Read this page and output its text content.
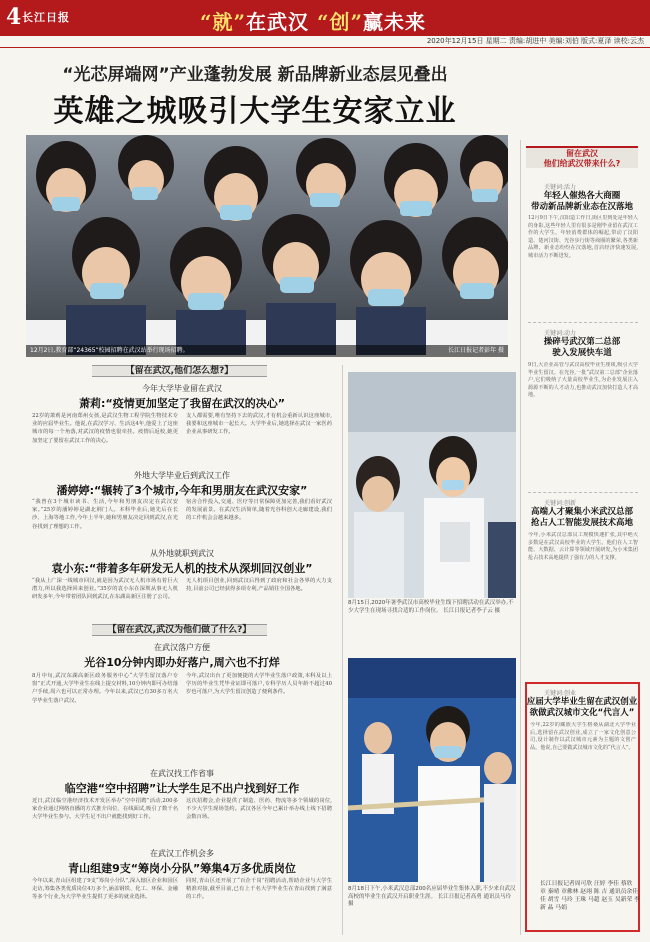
4 长江日报	“就”在武汉 “创”赢未来
2020年12月15日 星期二 责编:胡进中 美编:刘伯 版式:夏泽 读校:云杰
“光芯屏端网”产业蓬勃发展 新品牌新业态层见叠出
英雄之城吸引大学生安家立业
12月2日,教育部“24365”校园招聘在武汉站举行现场招聘。	长江日报记者彭年 摄
【留在武汉,他们怎么想?】
今年大学毕业留在武汉
萧莉:“疫情更加坚定了我留在武汉的决心”
22岁的萧莉是河南郑州女孩,是武汉生物工程学院生物技术专业的应届毕业生。他说,在武汉学习、生活这4年,他爱上了这座城市的每一个角落,对武汉的疫情也很牵挂。疫情后返校,她更加坚定了要留在武汉工作的决心。
支人都需要,唯有坚持下去的武汉,才有机会重新认识这座城市,我要和这座城市一起长大。大学毕业后,她选择在武汉一家医药企业从事研发工作。
外地大学毕业后到武汉工作
潘婷婷:“辗转了3个城市,今年和男朋友在武汉安家”
“我曾在3个城市读书、生活,今年和男朋友决定在武汉安家。”25岁的潘婷婷是湖北荆门人。本科毕业后,她先后在长沙、上海等地工作,今年上半年,她和男朋友决定回到武汉,在光谷找到了理想的工作。
宿舍合作投入,交通、医疗等日常保障更加完善,我们看好武汉的发展前景。在武汉生活简单,随着光谷科创大走廊建设,我们的工作机会会越来越多。
从外地就职到武汉
袁小东:“带着多年研发无人机的技术从深圳回汉创业”
“我从上广深一线城市回汉,就是因为武汉无人机市场有着巨大潜力,所以我选择回来创业。”35岁的袁小东在深圳从事无人机研发多年,今年带着团队回到武汉,在东湖高新区注册了公司。
无人机项目创业,回到武汉后得到了政府和社会各界的大力支持,目前公司已经获得多项专利,产品销往全国各地。
【留在武汉,武汉为他们做了什么?】
在武汉落户方便
光谷10分钟内即办好落户,周六也不打烊
8月中旬,武汉东湖高新区政务服务中心“大学生留汉落户专窗”正式开通,大学毕业生在线上提交材料,10分钟内即可办结落户手续,周六也可以正常办理。今年以来,武汉已有30多万名大学毕业生落户武汉。
今年,武汉出台了更加便捷的大学毕业生落户政策,本科及以上学历的毕业生凭毕业证即可落户,专科学历人员年龄不超过40岁也可落户,为大学生留汉创造了便利条件。
在武汉找工作省事
临空港“空中招聘”让大学生足不出户找到好工作
近日,武汉临空港经济技术开发区举办“空中招聘”活动,200多家企业通过网络直播的方式推介岗位、在线面试,吸引了数千名大学毕业生参与。大学生足不出户就能找到好工作。
这次招聘会,企业提供了制造、医药、物流等多个领域的岗位,不少大学生现场签约。武汉各区今年已累计举办线上线下招聘会数百场。
在武汉工作机会多
青山组建9支“筹岗小分队”筹集4万多优质岗位
今年以来,青山区组建了9支“筹岗小分队”,深入辖区企业和园区走访,筹集各类优质岗位4万多个,涵盖钢铁、化工、环保、金融等多个行业,为大学毕业生提供了更多的就业选择。
同时,青山区还开展了“百企千岗”招聘活动,帮助企业与大学生精准对接,截至目前,已有上千名大学毕业生在青山找到了满意的工作。
8月15日,2020年暑季武汉市高校毕业生线下招聘活动在武汉举办,不少大学生在现场寻找合适的工作岗位。 长江日报记者李子云 摄
8月18日下午,小米武汉总部200名应届毕业生集体入职,不少来自武汉高校的毕业生在武汉开启职业生涯。 长江日报记者高勇 通讯员马玲 摄
留在武汉
他们给武汉带来什么?
关键词:活力
年轻人催热各大商圈
带动新品牌新业态在汉落地
12月9日下午,汉阳造工作日,街区里到处是年轻人的身影,这些年轻人里有很多是刚毕业留在武汉工作的大学生。年轻消费群体的崛起,带动了汉阳造、楚河汉街、光谷步行街等商圈的繁荣,各类新品牌、新业态纷纷在汉落地,首店经济快速发展,城市活力不断迸发。
关键词:动力
操碎号武汉第二总部
驶入发展快车道
9日,大企业高管与武汉高校毕业生座谈,吸引大学毕业生留汉。在光谷,一批“武汉第二总部”企业落户,它们吸纳了大量高校毕业生,为企业发展注入源源不断的人才动力,也推动武汉加快打造人才高地。
关键词:创新
高端人才聚集小米武汉总部
抢占人工智能发展技术高地
今年,小米武汉总部员工规模快速扩张,其中绝大多数是在武汉高校毕业的大学生。他们在人工智能、大数据、云计算等领域开展研发,为小米集团抢占技术高地提供了强有力的人才支撑。
关键词:创业
应届大学毕业生留在武汉创业
欲做武汉城市文化“代言人”
今年,22岁的藏族大学生格桑从湖北大学毕业后,选择留在武汉创业,成立了一家文化创意公司,设计制作以武汉城市元素为主题的文创产品。他说,自己要做武汉城市文化的“代言人”。
长江日报记者周可欣 汪婷 李佳 蔡欣 章 秦晴 章佛林 赵翊 陈 吉 通讯员余佳佳 胡雪 马玲 王珠 马超 赵玉 吴新荣 李新 晶 马娟
